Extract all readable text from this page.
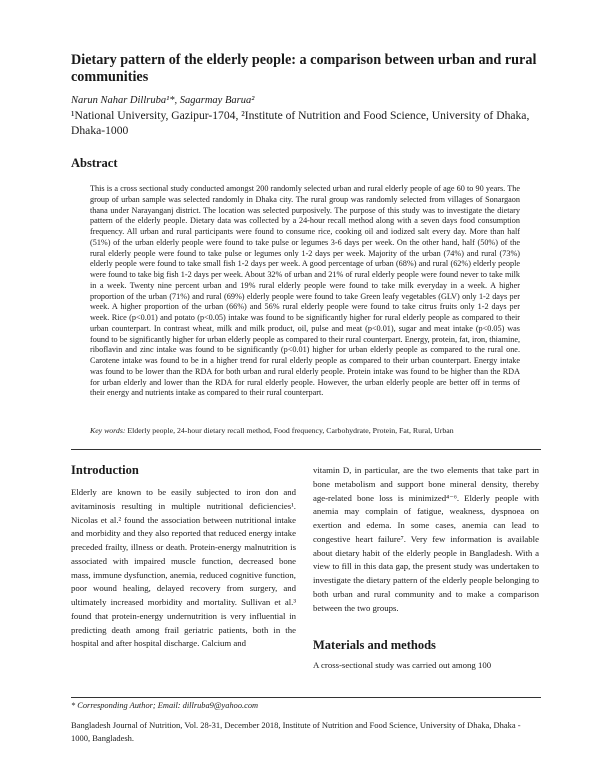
Dietary pattern of the elderly people: a comparison between urban and rural communities
Narun Nahar Dillruba¹*, Sagarmay Barua²
¹National University, Gazipur-1704, ²Institute of Nutrition and Food Science, University of Dhaka, Dhaka-1000
Abstract
This is a cross sectional study conducted amongst 200 randomly selected urban and rural elderly people of age 60 to 90 years. The group of urban sample was selected randomly in Dhaka city. The rural group was randomly selected from villages of Sonargaon thana under Narayanganj district. The location was selected purposively. The purpose of this study was to investigate the dietary pattern of the elderly people. Dietary data was collected by a 24-hour recall method along with a seven days food consumption frequency. All urban and rural participants were found to consume rice, cooking oil and iodized salt every day. More than half (51%) of the urban elderly people were found to take pulse or legumes 3-6 days per week. On the other hand, half (50%) of the rural elderly people were found to take pulse or legumes only 1-2 days per week. Majority of the urban (74%) and rural (73%) elderly people were found to take small fish 1-2 days per week. A good percentage of urban (68%) and rural (62%) elderly people were found to take big fish 1-2 days per week. About 32% of urban and 21% of rural elderly people were found never to take milk in a week. Twenty nine percent urban and 19% rural elderly people were found to take milk everyday in a week. A higher proportion of the urban (71%) and rural (69%) elderly people were found to take Green leafy vegetables (GLV) only 1-2 days per week. A higher proportion of the urban (66%) and 56% rural elderly people were found to take citrus fruits only 1-2 days per week. Rice (p<0.01) and potato (p<0.05) intake was found to be significantly higher for rural elderly people as compared to their urban counterpart. In contrast wheat, milk and milk product, oil, pulse and meat (p<0.01), sugar and meat intake (p<0.05) was found to be significantly higher for urban elderly people as compared to their rural counterpart. Energy, protein, fat, iron, thiamine, riboflavin and zinc intake was found to be significantly (p<0.01) higher for urban elderly people as compared to the rural one. Carotene intake was found to be in a higher trend for rural elderly people as compared to their urban counterpart. Energy intake was found to be lower than the RDA for both urban and rural elderly people. Protein intake was found to be higher than the RDA for urban elderly and lower than the RDA for rural elderly people. However, the urban elderly people are better off in terms of their energy and nutrients intake as compared to their rural counterpart.
Key words: Elderly people, 24-hour dietary recall method, Food frequency, Carbohydrate, Protein, Fat, Rural, Urban
Introduction
Elderly are known to be easily subjected to iron don and avitaminosis resulting in multiple nutritional deficiencies¹. Nicolas et al.² found the association between nutritional intake and morbidity and they also reported that reduced energy intake preceded frailty, illness or death. Protein-energy malnutrition is associated with impaired muscle function, decreased bone mass, immune dysfunction, anemia, reduced cognitive function, poor wound healing, delayed recovery from surgery, and ultimately increased morbidity and mortality. Sullivan et al.³ found that protein-energy undernutrition is very influential in predicting death among frail geriatric patients, both in the hospital and after hospital discharge. Calcium and
vitamin D, in particular, are the two elements that take part in bone metabolism and support bone mineral density, thereby age-related bone loss is minimized⁴⁻⁶. Elderly people with anemia may complain of fatigue, weakness, dyspnoea on exertion and edema. In some cases, anemia can lead to congestive heart failure⁷. Very few information is available about dietary habit of the elderly people in Bangladesh. With a view to fill in this data gap, the present study was undertaken to investigate the dietary pattern of the elderly people belonging to both urban and rural community and to make a comparison between the two groups.
Materials and methods
A cross-sectional study was carried out among 100
* Corresponding Author; Email: dillruba9@yahoo.com
Bangladesh Journal of Nutrition, Vol. 28-31, December 2018, Institute of Nutrition and Food Science, University of Dhaka, Dhaka - 1000, Bangladesh.
